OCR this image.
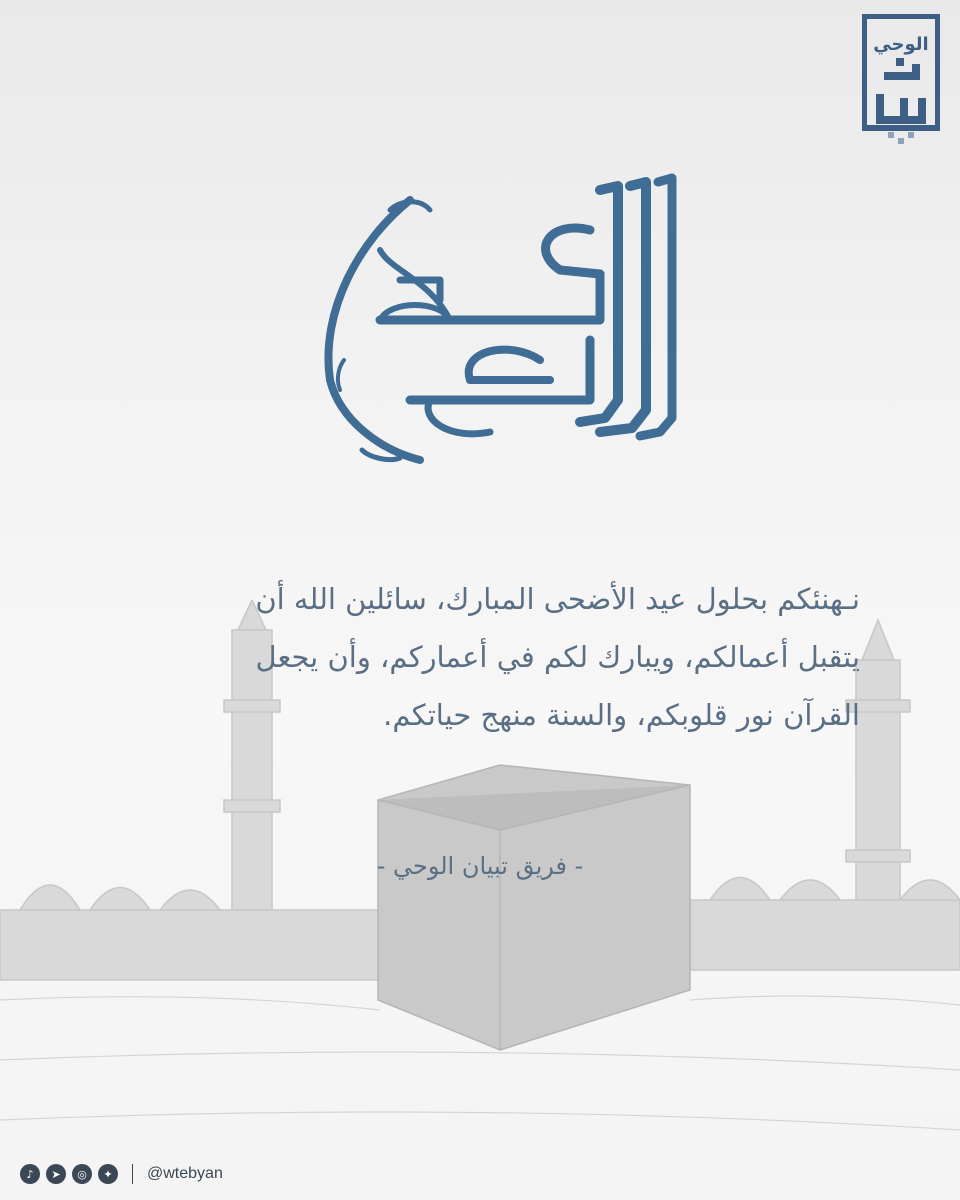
الوحي
نـهنئكم بحلول عيد الأضحى المبارك، سائلين الله أن
يتقبل أعمالكم، ويبارك لكم في أعماركم، وأن يجعل
القرآن نور قلوبكم، والسنة منهج حياتكم.
- فريق تبيان الوحي -
♪	➤	◎	✦	@wtebyan
